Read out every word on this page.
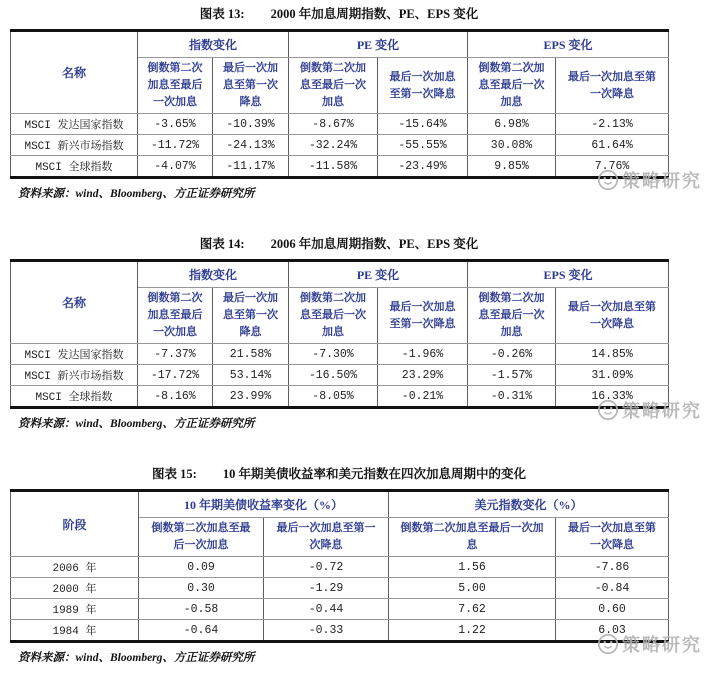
图表 13: 2000 年加息周期指数、PE、EPS 变化
名称	指数变化		PE 变化		EPS 变化	
	倒数第二次加息至最后一次加息	最后一次加息至第一次降息	倒数第二次加息至最后一次加息	最后一次加息至第一次降息	倒数第二次加息至最后一次加息	最后一次加息至第一次降息
MSCI 发达国家指数	-3.65%	-10.39%	-8.67%	-15.64%	6.98%	-2.13%
MSCI 新兴市场指数	-11.72%	-24.13%	-32.24%	-55.55%	30.08%	61.64%
MSCI 全球指数	-4.07%	-11.17%	-11.58%	-23.49%	9.85%	7.76%
策略研究
资料来源：wind、Bloomberg、方正证券研究所
图表 14: 2006 年加息周期指数、PE、EPS 变化
名称	指数变化		PE 变化		EPS 变化	
	倒数第二次加息至最后一次加息	最后一次加息至第一次降息	倒数第二次加息至最后一次加息	最后一次加息至第一次降息	倒数第二次加息至最后一次加息	最后一次加息至第一次降息
MSCI 发达国家指数	-7.37%	21.58%	-7.30%	-1.96%	-0.26%	14.85%
MSCI 新兴市场指数	-17.72%	53.14%	-16.50%	23.29%	-1.57%	31.09%
MSCI 全球指数	-8.16%	23.99%	-8.05%	-0.21%	-0.31%	16.33%
策略研究
资料来源：wind、Bloomberg、方正证券研究所
图表 15: 10 年期美债收益率和美元指数在四次加息周期中的变化
阶段	10 年期美债收益率变化（%）		美元指数变化（%）	
	倒数第二次加息至最后一次加息	最后一次加息至第一次降息	倒数第二次加息至最后一次加息	最后一次加息至第一次降息
2006 年	0.09	-0.72	1.56	-7.86
2000 年	0.30	-1.29	5.00	-0.84
1989 年	-0.58	-0.44	7.62	0.60
1984 年	-0.64	-0.33	1.22	6.03
策略研究
资料来源：wind、Bloomberg、方正证券研究所
